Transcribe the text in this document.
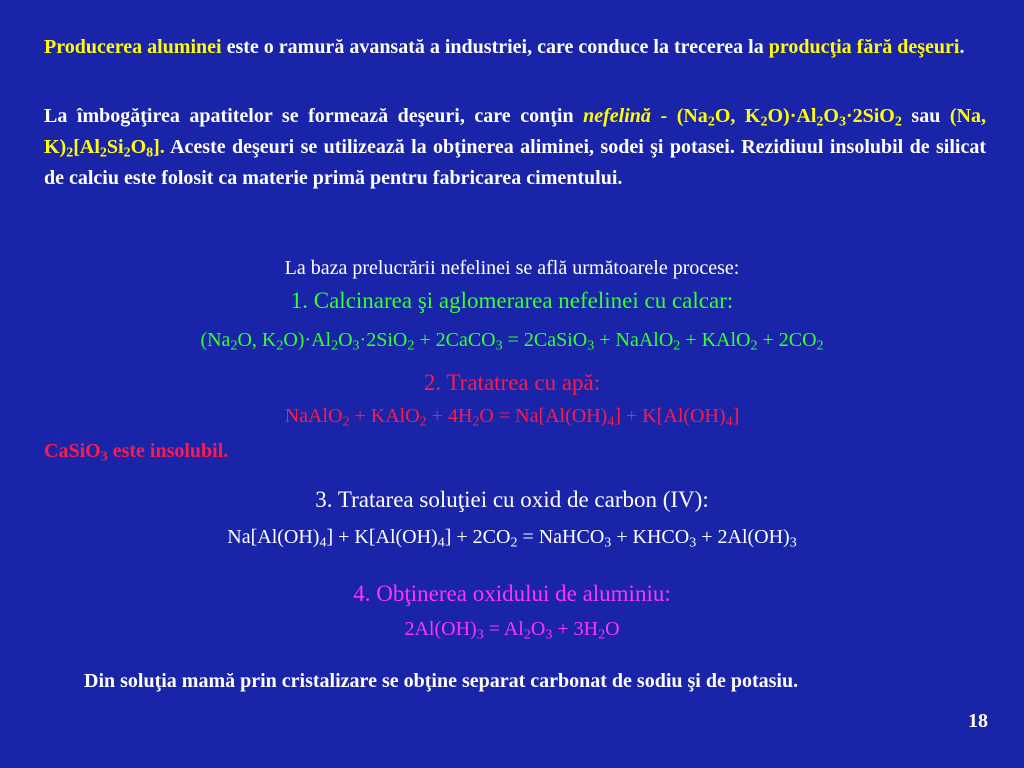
Producerea aluminei este o ramură avansată a industriei, care conduce la trecerea la producţia fără deşeuri.
La îmbogăţirea apatitelor se formează deşeuri, care conţin nefelină - ($Na_2O$, $K_2O)\cdot Al_2O_3\cdot 2SiO_2$ sau (Na, $K)_2[Al_2Si_2O_8]$. Aceste deşeuri se utilizează la obţinerea aliminei, sodei şi potasei. Rezidiuul insolubil de silicat de calciu este folosit ca materie primă pentru fabricarea cimentului.
La baza prelucrării nefelinei se află următoarele procese:
1. Calcinarea şi aglomerarea nefelinei cu calcar:
($Na_2O$, $K_2O)\cdot Al_2O_3\cdot 2SiO_2$ + 2CaCO$_3$ = 2CaSiO$_3$ + NaAlO$_2$ + KAlO$_2$ + $2CO_2$
2. Tratatrea cu apă:
NaAlO$_2$ + KAlO$_2$ + $4H_2O = Na[Al(OH)_4] + K[Al(OH)_4]$
CaSiO$_3$ este insolubil.
3. Tratarea soluţiei cu oxid de carbon (IV):
$Na[Al(OH)_4] + K[Al(OH)_4] + 2CO_2$ = NaHCO$_3$ + $KHCO_3 + 2Al(OH)_3$
4. Obţinerea oxidului de aluminiu:
$2Al(OH)_3 = Al_2O_3 + 3H_2O$
Din soluţia mamă prin cristalizare se obţine separat carbonat de sodiu şi de potasiu.
18
